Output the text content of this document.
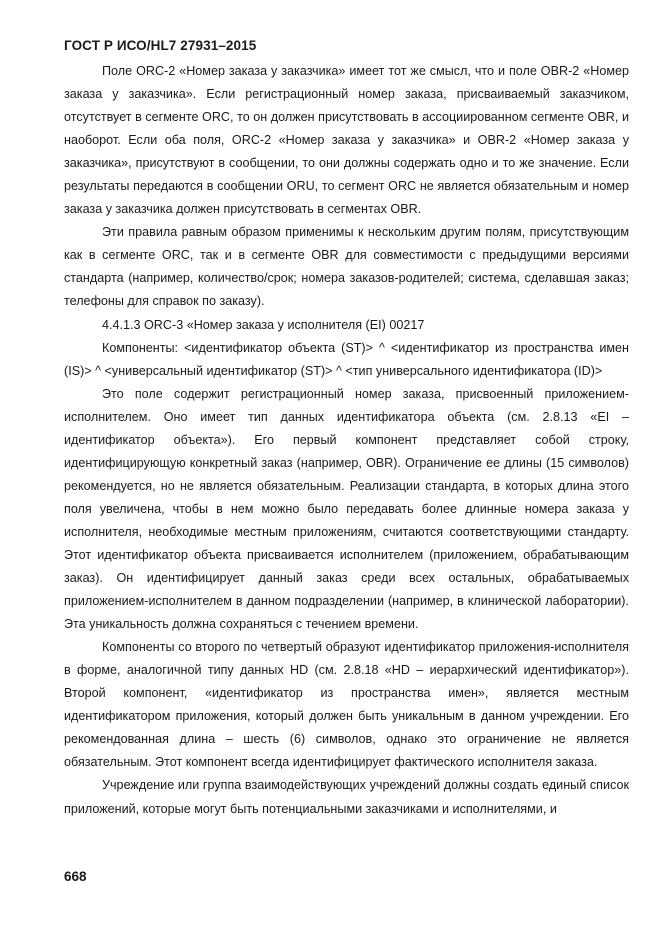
ГОСТ Р ИСО/HL7 27931–2015

Поле ORC-2 «Номер заказа у заказчика» имеет тот же смысл, что и поле OBR-2 «Номер заказа у заказчика». Если регистрационный номер заказа, присваиваемый заказчиком, отсутствует в сегменте ORC, то он должен присутствовать в ассоциированном сегменте OBR, и наоборот. Если оба поля, ORC-2 «Номер заказа у заказчика» и OBR-2 «Номер заказа у заказчика», присутствуют в сообщении, то они должны содержать одно и то же значение. Если результаты передаются в сообщении ORU, то сегмент ORC не является обязательным и номер заказа у заказчика должен присутствовать в сегментах OBR.

Эти правила равным образом применимы к нескольким другим полям, присутствующим как в сегменте ORC, так и в сегменте OBR для совместимости с предыдущими версиями стандарта (например, количество/срок; номера заказов-родителей; система, сделавшая заказ; телефоны для справок по заказу).

4.4.1.3 ORC-3 «Номер заказа у исполнителя (EI) 00217

Компоненты: <идентификатор объекта (ST)> ^ <идентификатор из пространства имен (IS)> ^ <универсальный идентификатор (ST)> ^ <тип универсального идентификатора (ID)>

Это поле содержит регистрационный номер заказа, присвоенный приложением-исполнителем. Оно имеет тип данных идентификатора объекта (см. 2.8.13 «EI – идентификатор объекта»). Его первый компонент представляет собой строку, идентифицирующую конкретный заказ (например, OBR). Ограничение ее длины (15 символов) рекомендуется, но не является обязательным. Реализации стандарта, в которых длина этого поля увеличена, чтобы в нем можно было передавать более длинные номера заказа у исполнителя, необходимые местным приложениям, считаются соответствующими стандарту. Этот идентификатор объекта присваивается исполнителем (приложением, обрабатывающим заказ). Он идентифицирует данный заказ среди всех остальных, обрабатываемых приложением-исполнителем в данном подразделении (например, в клинической лаборатории). Эта уникальность должна сохраняться с течением времени.

Компоненты со второго по четвертый образуют идентификатор приложения-исполнителя в форме, аналогичной типу данных HD (см. 2.8.18 «HD – иерархический идентификатор»). Второй компонент, «идентификатор из пространства имен», является местным идентификатором приложения, который должен быть уникальным в данном учреждении. Его рекомендованная длина – шесть (6) символов, однако это ограничение не является обязательным. Этот компонент всегда идентифицирует фактического исполнителя заказа.

Учреждение или группа взаимодействующих учреждений должны создать единый список приложений, которые могут быть потенциальными заказчиками и исполнителями, и

668
